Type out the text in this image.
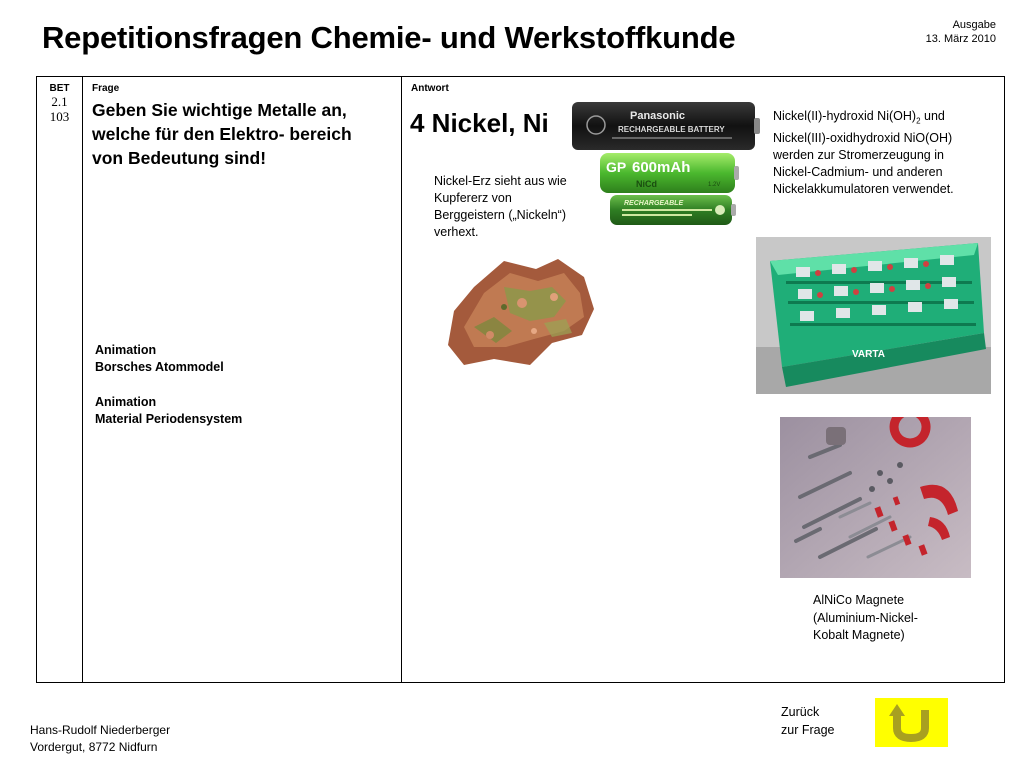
Repetitionsfragen Chemie- und Werkstoffkunde	Ausgabe
13. März 2010
BET
2.1
103
Frage
Geben Sie wichtige Metalle an, welche für den Elektro- bereich von Bedeutung sind!
Animation
Borsches Atommodel
Animation
Material Periodensystem
Antwort
4 Nickel, Ni	Panasonic
RECHARGEABLE BATTERY
GP 600mAh
NiCd	1.2V
RECHARGEABLE
Nickel(II)-hydroxid $Ni(OH)_2$ und Nickel(III)-oxidhydroxid NiO(OH) werden zur Stromerzeugung in Nickel-Cadmium- und anderen Nickelakkumulatoren verwendet.
Nickel-Erz sieht aus wie Kupfererz von Berggeistern („Nickeln“) verhext.
VARTA
AlNiCo Magnete (Aluminium-Nickel-Kobalt Magnete)
Hans-Rudolf Niederberger
Vordergut, 8772 Nidfurn
Zurück
zur Frage
